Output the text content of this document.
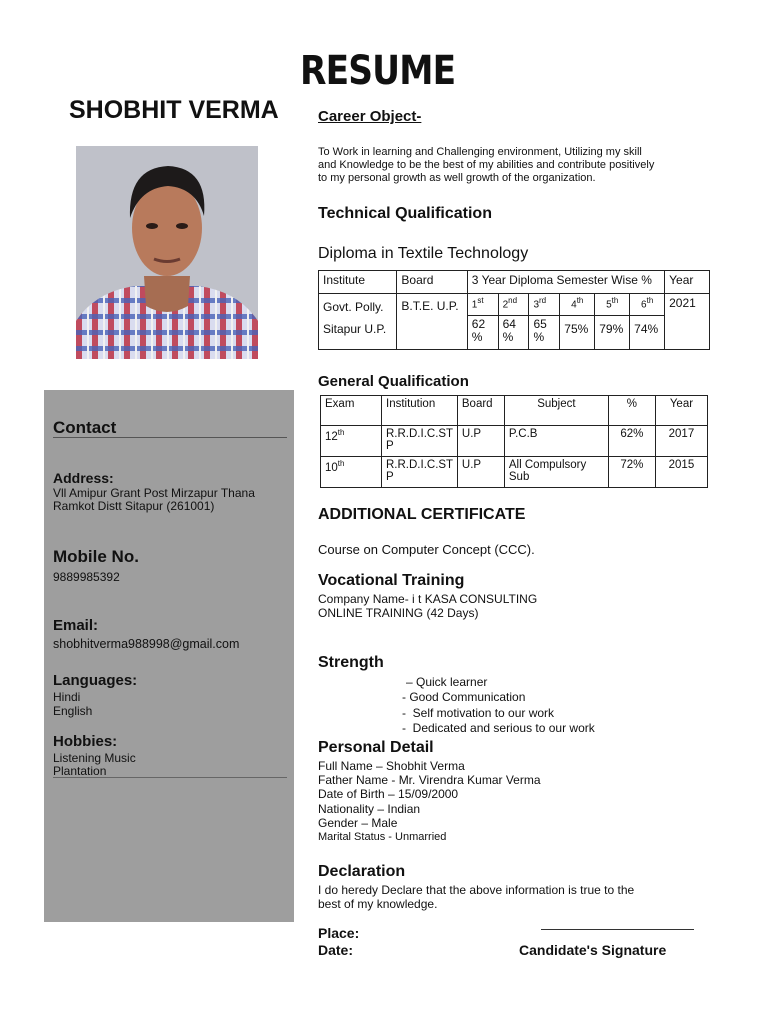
RESUME
SHOBHIT VERMA
Contact
Address:
Vll Amipur Grant Post Mirzapur Thana
Ramkot Distt Sitapur (261001)
Mobile No.
9889985392
Email:
shobhitverma988998@gmail.com
Languages:
Hindi
English
Hobbies:
Listening Music
Plantation
Career Object-
To Work in learning and Challenging environment, Utilizing my skill
and Knowledge to be the best of my abilities and contribute positively
to my personal growth as well growth of the organization.
Technical Qualification
Diploma in Textile Technology
Institute	Board	3 Year Diploma Semester Wise %						Year

Govt. Polly.
Sitapur U.P.	B.T.E. U.P.	1st	2nd	3rd	4th	5th	6th	2021
		62 %	64 %	65 %	75%	79%	74%	
General Qualification
Exam	Institution	Board	Subject	%	Year
12th	R.R.D.I.C.ST P	U.P	P.C.B	62%	2017
10th	R.R.D.I.C.ST P	U.P	All Compulsory Sub	72%	2015
ADDITIONAL CERTIFICATE
Course on Computer Concept (CCC).
Vocational Training
Company Name- i t KASA CONSULTING
ONLINE TRAINING (42 Days)
Strength
– Quick learner
- Good Communication
-  Self motivation to our work
-  Dedicated and serious to our work
Personal Detail
Full Name – Shobhit Verma
Father Name - Mr. Virendra Kumar Verma
Date of Birth – 15/09/2000
Nationality – Indian
Gender – Male
Marital Status - Unmarried
Declaration
I do heredy Declare that the above information is true to the
best of my knowledge.
Place:
Date:	Candidate's Signature
